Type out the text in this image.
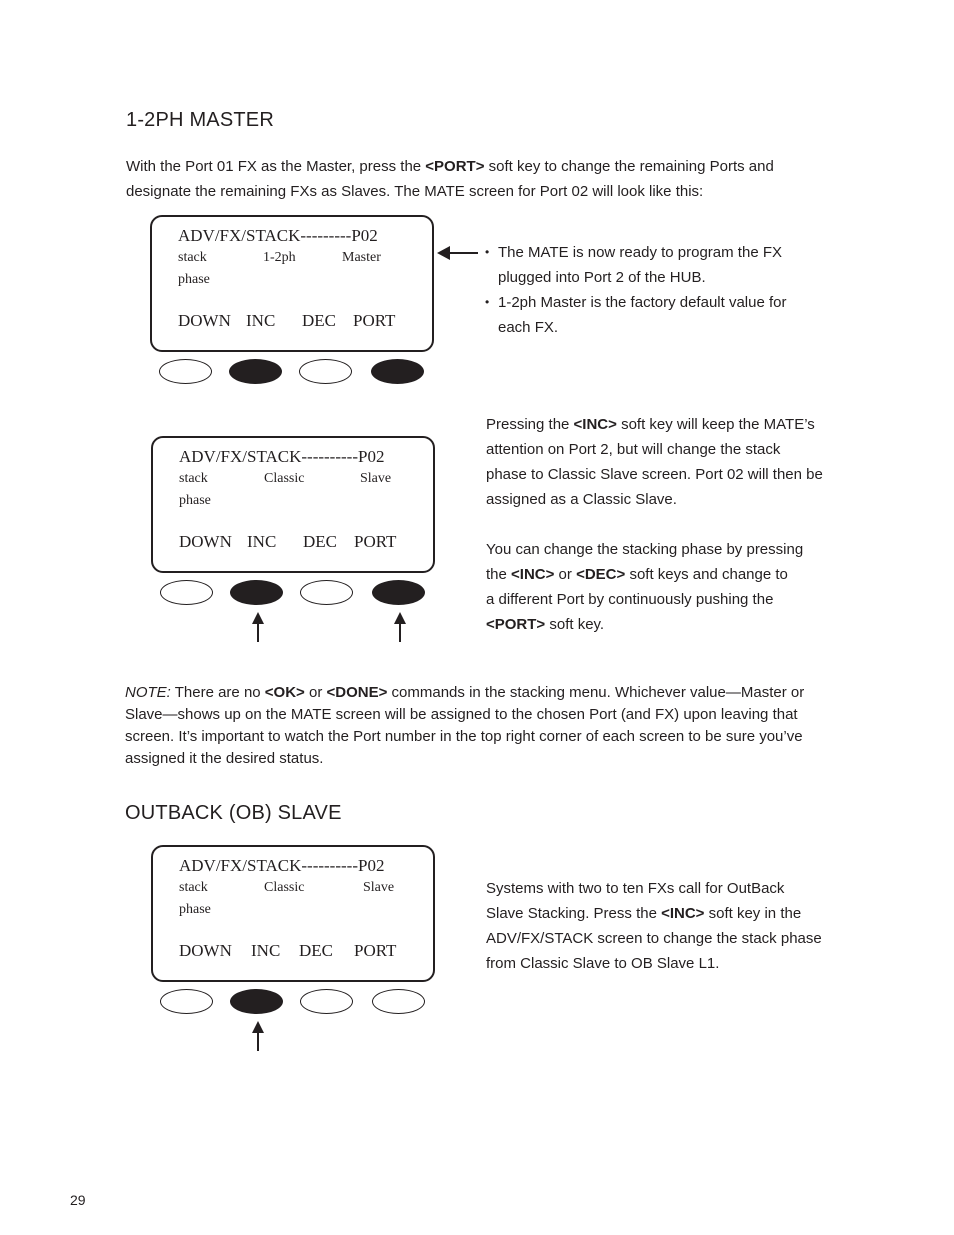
1-2PH MASTER
With the Port 01 FX as the Master, press the <PORT> soft key to change the remaining Ports and
designate the remaining FXs as Slaves. The MATE screen for Port 02 will look like this:
ADV/FX/STACK---------P02
stack
phase
1-2ph	Master
DOWN INC DEC PORT
• The MATE is now ready to program the FX
plugged into Port 2 of the HUB.
• 1-2ph Master is the factory default value for
each FX.
ADV/FX/STACK----------P02
stack
phase
Classic	Slave
DOWN INC DEC PORT
Pressing the <INC> soft key will keep the MATE’s
attention on Port 2, but will change the stack
phase to Classic Slave screen. Port 02 will then be
assigned as a Classic Slave.
You can change the stacking phase by pressing
the <INC> or <DEC> soft keys and change to
a different Port by continuously pushing the
<PORT> soft key.
NOTE: There are no <OK> or <DONE> commands in the stacking menu. Whichever value—Master or
Slave—shows up on the MATE screen will be assigned to the chosen Port (and FX) upon leaving that
screen. It’s important to watch the Port number in the top right corner of each screen to be sure you’ve
assigned it the desired status.
OUTBACK (OB) SLAVE
ADV/FX/STACK----------P02
stack
phase
Classic	Slave
DOWN INC DEC PORT
Systems with two to ten FXs call for OutBack
Slave Stacking. Press the <INC> soft key in the
ADV/FX/STACK screen to change the stack phase
from Classic Slave to OB Slave L1.
29
